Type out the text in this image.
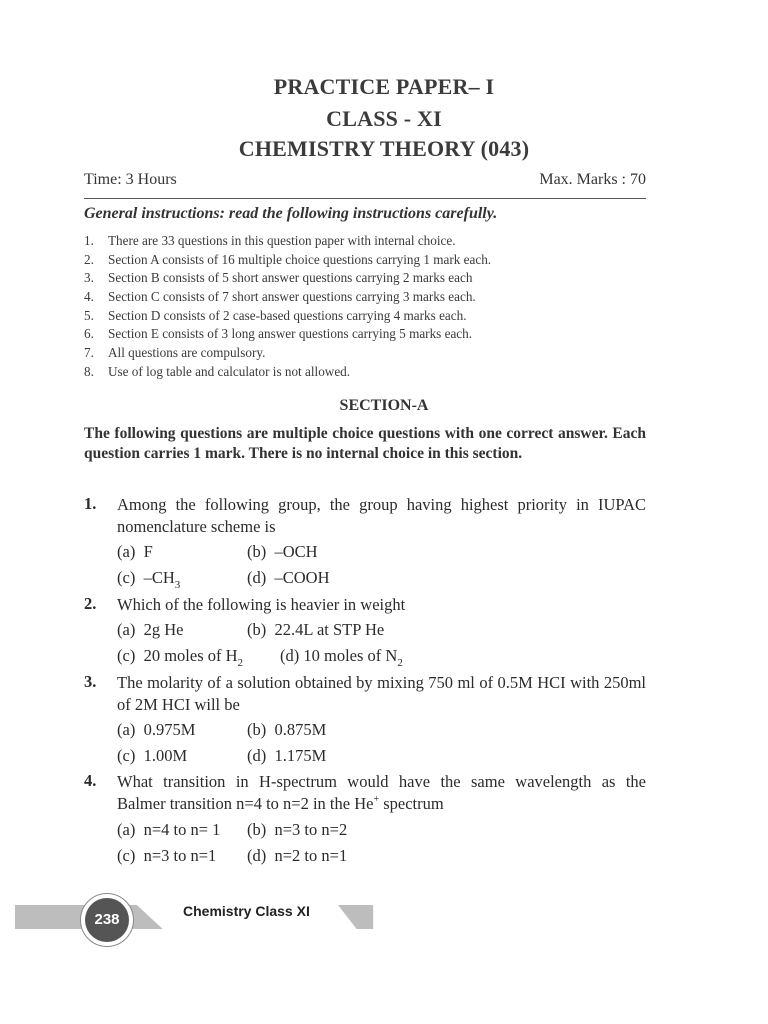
PRACTICE PAPER– I
CLASS - XI
CHEMISTRY THEORY (043)
Time: 3 Hours	Max. Marks : 70
General instructions: read the following instructions carefully.
1.	There are 33 questions in this question paper with internal choice.
2.	Section A consists of 16 multiple choice questions carrying 1 mark each.
3.	Section B consists of 5 short answer questions carrying 2 marks each
4.	Section C consists of 7 short answer questions carrying 3 marks each.
5.	Section D consists of 2 case-based questions carrying 4 marks each.
6.	Section E consists of 3 long answer questions carrying 5 marks each.
7.	All questions are compulsory.
8.	Use of log table and calculator is not allowed.
SECTION-A
The following questions are multiple choice questions with one correct answer. Each question carries 1 mark. There is no internal choice in this section.
1. Among the following group, the group having highest priority in IUPAC nomenclature scheme is
(a) F	(b) –OCH
(c) $-CH_3$	(d) –COOH
2. Which of the following is heavier in weight
(a) 2g He	(b) 22.4L at STP He
(c) 20 moles of $H_2$ (d) 10 moles of $N_2$
3. The molarity of a solution obtained by mixing 750 ml of 0.5M HCI with 250ml of 2M HCI will be
(a) 0.975M	(b) 0.875M
(c) 1.00M	(d) 1.175M
4. What transition in H-spectrum would have the same wavelength as the
Balmer transition n=4 to n=2 in the He+ spectrum
(a) n=4 to n= 1 (b) n=3 to n=2
(c) n=3 to n=1 (d) n=2 to n=1
238	Chemistry Class XI
